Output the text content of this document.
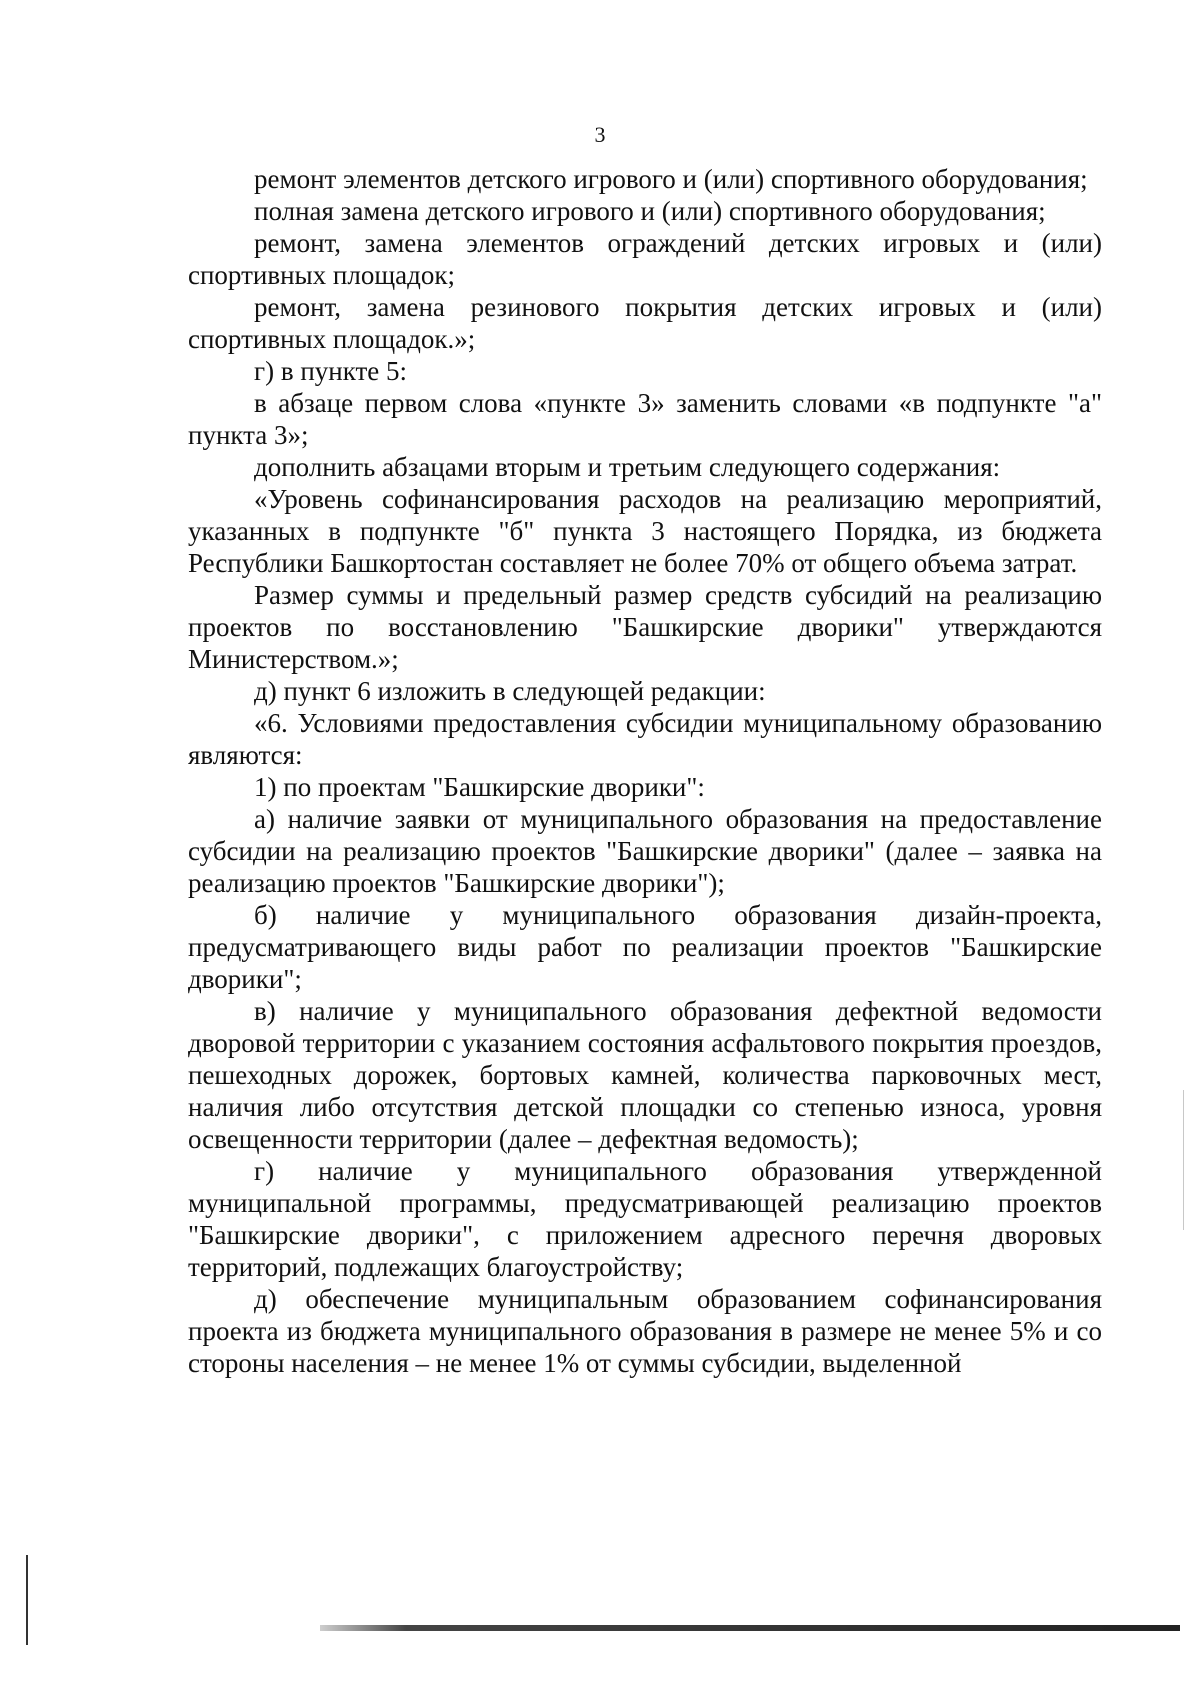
3

ремонт элементов детского игрового и (или) спортивного оборудования;

полная замена детского игрового и (или) спортивного оборудования;

ремонт, замена элементов ограждений детских игровых и (или) спортивных площадок;

ремонт, замена резинового покрытия детских игровых и (или) спортивных площадок.»;

г) в пункте 5:

в абзаце первом слова «пункте 3» заменить словами «в подпункте "а" пункта 3»;

дополнить абзацами вторым и третьим следующего содержания:

«Уровень софинансирования расходов на реализацию мероприятий, указанных в подпункте "б" пункта 3 настоящего Порядка, из бюджета Республики Башкортостан составляет не более 70% от общего объема затрат.

Размер суммы и предельный размер средств субсидий на реализацию проектов по восстановлению "Башкирские дворики" утверждаются Министерством.»;

д) пункт 6 изложить в следующей редакции:

«6. Условиями предоставления субсидии муниципальному образованию являются:

1) по проектам "Башкирские дворики":

а) наличие заявки от муниципального образования на предоставление субсидии на реализацию проектов "Башкирские дворики" (далее – заявка на реализацию проектов "Башкирские дворики");

б) наличие у муниципального образования дизайн-проекта, предусматривающего виды работ по реализации проектов "Башкирские дворики";

в) наличие у муниципального образования дефектной ведомости дворовой территории с указанием состояния асфальтового покрытия проездов, пешеходных дорожек, бортовых камней, количества парковочных мест, наличия либо отсутствия детской площадки со степенью износа, уровня освещенности территории (далее – дефектная ведомость);

г) наличие у муниципального образования утвержденной муниципальной программы, предусматривающей реализацию проектов "Башкирские дворики", с приложением адресного перечня дворовых территорий, подлежащих благоустройству;

д) обеспечение муниципальным образованием софинансирования проекта из бюджета муниципального образования в размере не менее 5% и со стороны населения – не менее 1% от суммы субсидии, выделенной
